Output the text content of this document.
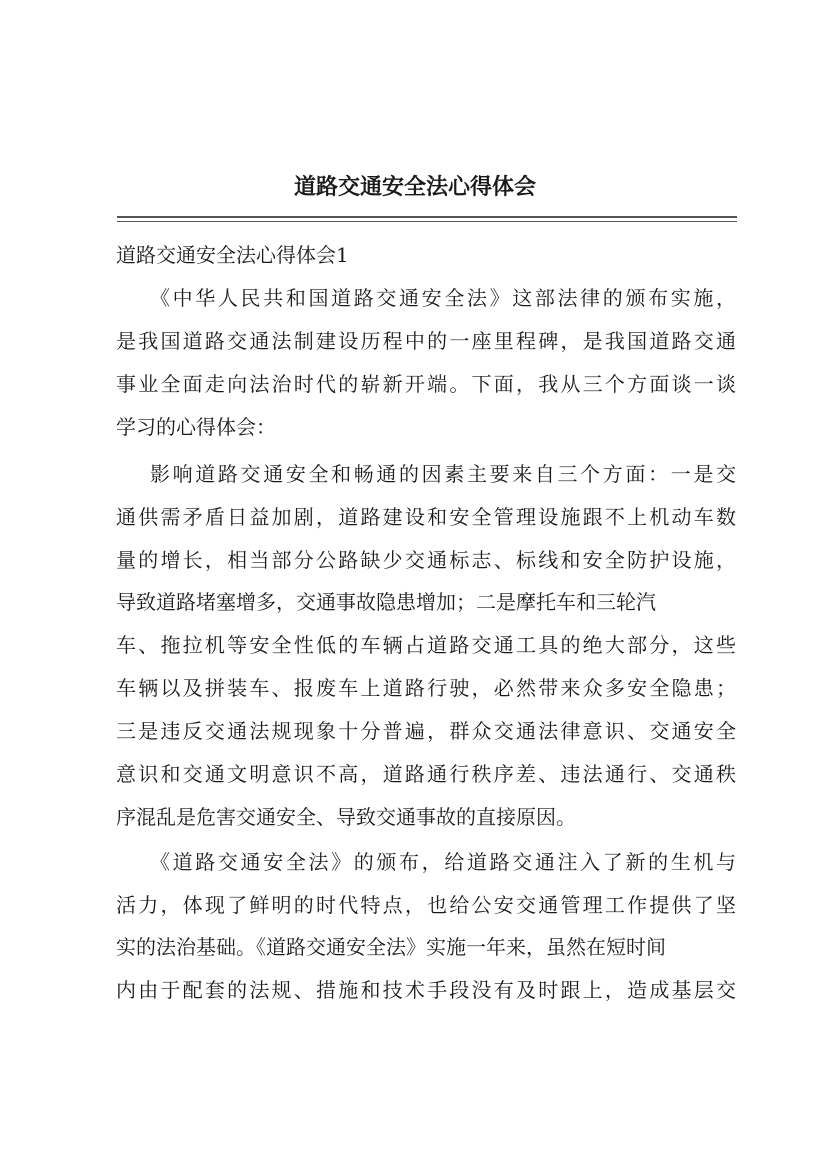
道路交通安全法心得体会
道路交通安全法心得体会1
《中华人民共和国道路交通安全法》这部法律的颁布实施，
是我国道路交通法制建设历程中的一座里程碑，是我国道路交通
事业全面走向法治时代的崭新开端。下面，我从三个方面谈一谈
学习的心得体会：
影响道路交通安全和畅通的因素主要来自三个方面：一是交
通供需矛盾日益加剧，道路建设和安全管理设施跟不上机动车数
量的增长，相当部分公路缺少交通标志、标线和安全防护设施，
导致道路堵塞增多，交通事故隐患增加；二是摩托车和三轮汽
车、拖拉机等安全性低的车辆占道路交通工具的绝大部分，这些
车辆以及拼装车、报废车上道路行驶，必然带来众多安全隐患；
三是违反交通法规现象十分普遍，群众交通法律意识、交通安全
意识和交通文明意识不高，道路通行秩序差、违法通行、交通秩
序混乱是危害交通安全、导致交通事故的直接原因。
《道路交通安全法》的颁布，给道路交通注入了新的生机与
活力，体现了鲜明的时代特点，也给公安交通管理工作提供了坚
实的法治基础。《道路交通安全法》实施一年来，虽然在短时间
内由于配套的法规、措施和技术手段没有及时跟上，造成基层交
